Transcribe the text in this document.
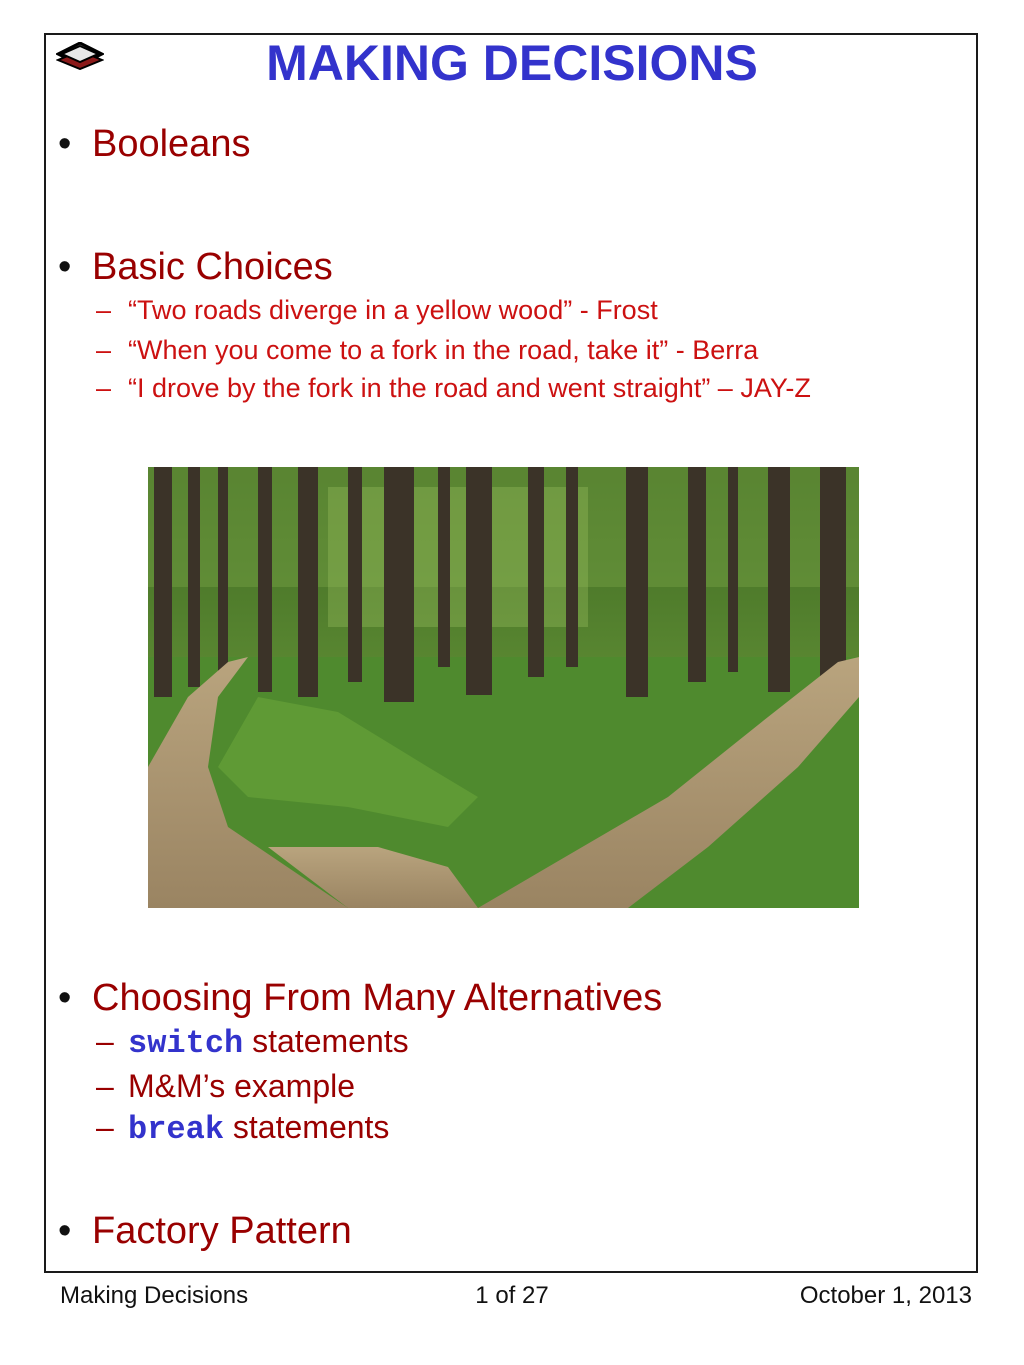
MAKING DECISIONS
• Booleans
• Basic Choices
– “Two roads diverge in a yellow wood” - Frost
– “When you come to a fork in the road, take it” - Berra
– “I drove by the fork in the road and went straight” – JAY-Z
• Choosing From Many Alternatives
– switch statements
– M&M’s example
– break statements
• Factory Pattern
Making Decisions	1 of 27	October 1, 2013
